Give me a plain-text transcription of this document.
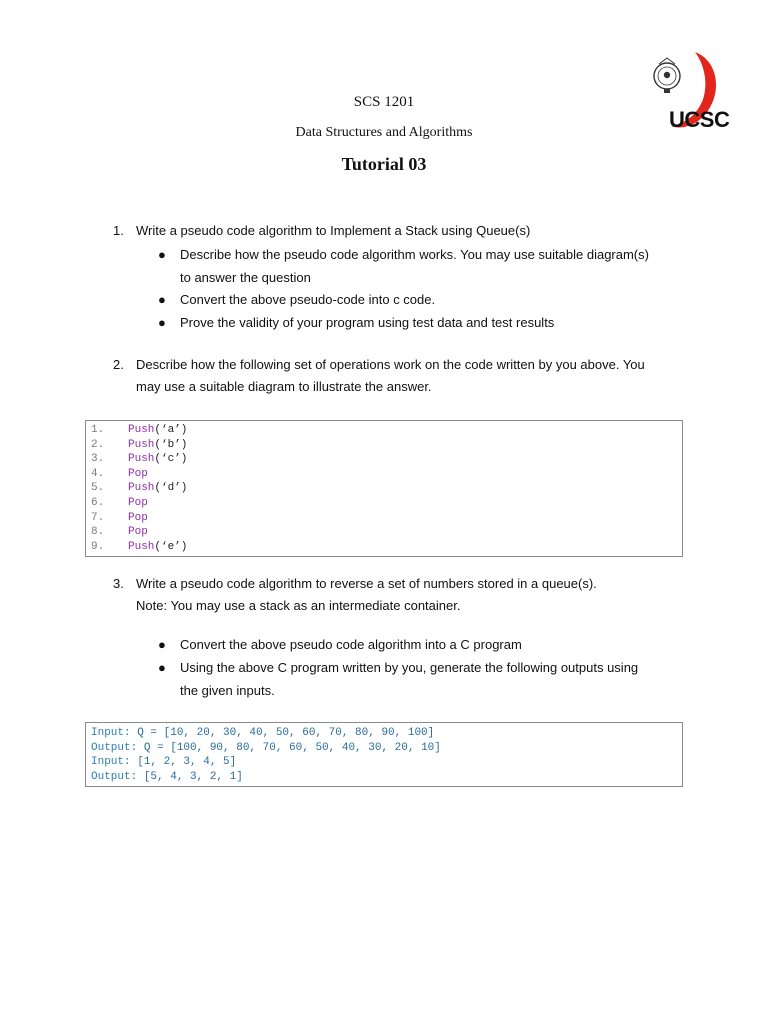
UCSC
SCS 1201
Data Structures and Algorithms
Tutorial 03
1. Write a pseudo code algorithm to Implement a Stack using Queue(s)
● Describe how the pseudo code algorithm works. You may use suitable diagram(s)
to answer the question
● Convert the above pseudo-code into c code.
● Prove the validity of your program using test data and test results
2. Describe how the following set of operations work on the code written by you above. You
may use a suitable diagram to illustrate the answer.
1. Push (‘a’)
2. Push (‘b’)
3. Push (‘c’)
4. Pop
5. Push (‘d’)
6. Pop
7. Pop
8. Pop
9. Push (‘e’)
3. Write a pseudo code algorithm to reverse a set of numbers stored in a queue(s).
Note: You may use a stack as an intermediate container.
● Convert the above pseudo code algorithm into a C program
● Using the above C program written by you, generate the following outputs using
the given inputs.
Input: Q = [10, 20, 30, 40, 50, 60, 70, 80, 90, 100]
Output: Q = [100, 90, 80, 70, 60, 50, 40, 30, 20, 10]
Input: [1, 2, 3, 4, 5]
Output: [5, 4, 3, 2, 1]
